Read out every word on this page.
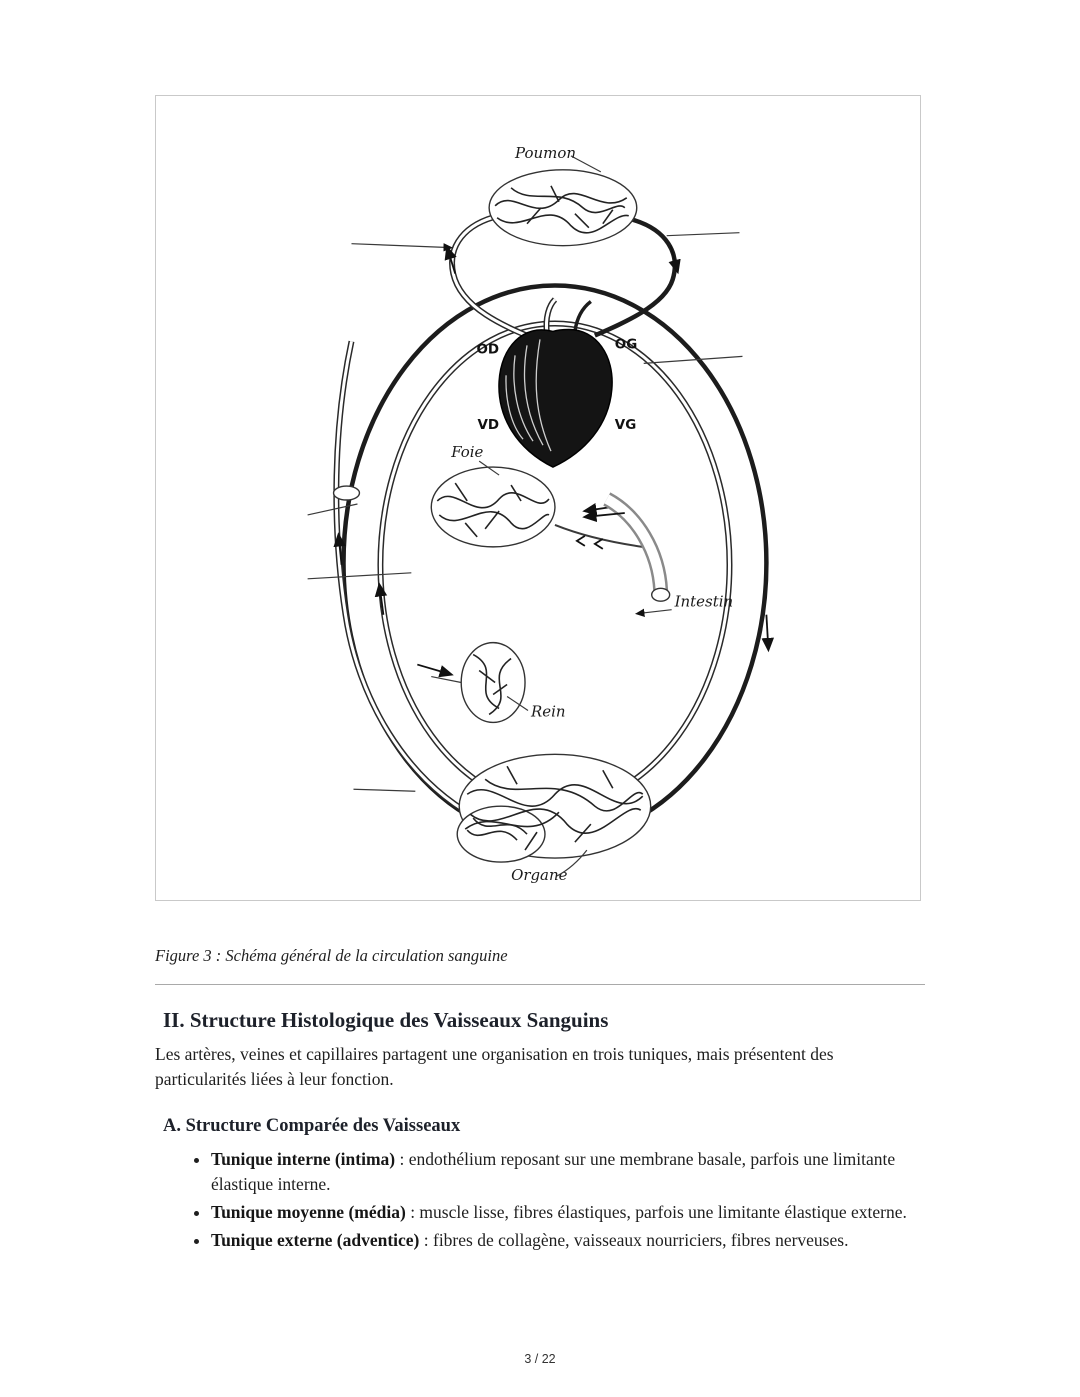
Poumon
Foie
Intestin
Rein
Organe
OD	OG
VD	VG
Figure 3 : Schéma général de la circulation sanguine
II. Structure Histologique des Vaisseaux Sanguins

Les artères, veines et capillaires partagent une organisation en trois tuniques, mais présentent des particularités liées à leur fonction.

A. Structure Comparée des Vaisseaux
• Tunique interne (intima) : endothélium reposant sur une membrane basale, parfois une limitante élastique interne.
• Tunique moyenne (média) : muscle lisse, fibres élastiques, parfois une limitante élastique externe.
• Tunique externe (adventice) : fibres de collagène, vaisseaux nourriciers, fibres nerveuses.
3 / 22
